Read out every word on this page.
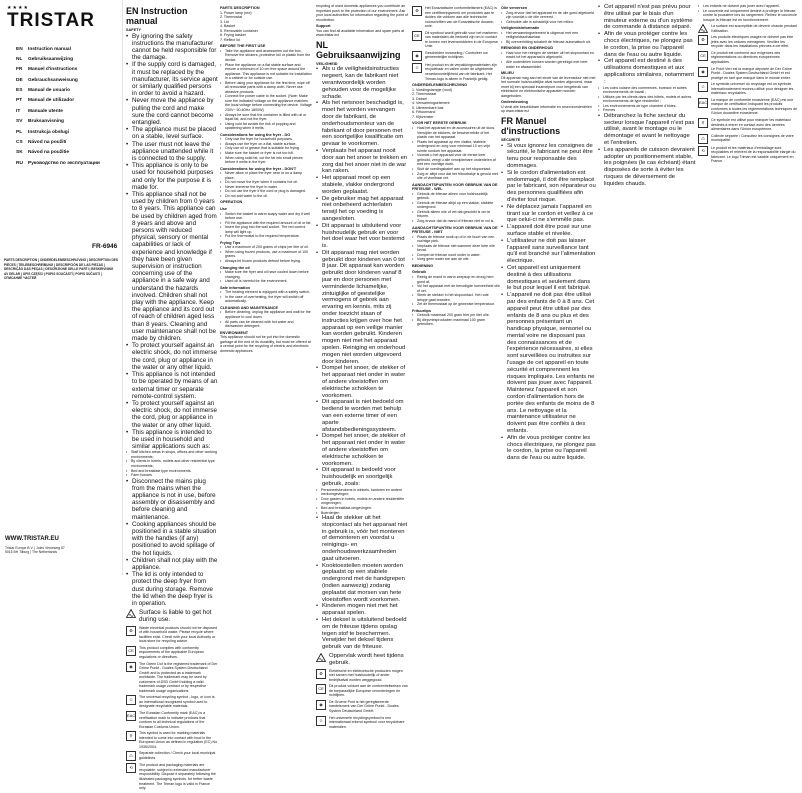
★★★★
TRISTAR
EN	Instruction manual
NL	Gebruiksaanwijzing
FR	Manuel d'instructions
DE	Gebrauchsanweisung
ES	Manual de usuario
PT	Manual de utilizador
IT	Manuale utente
SV	Bruksanvisning
PL	Instrukcja obsługi
CS	Návod na použití
SK	Návod na použitie
RU	Руководство по эксплуатации
FR-6946
PARTS DESCRIPTION | ONDERDELENBESCHRIJVING | DESCRIPTION DES PIÈCES | TEILEBESCHREIBUNG | DESCRIPCIÓN DE LAS PIEZAS | DESCRIÇÃO DAS PEÇAS | DESCRIZIONE DELLE PARTI | BESKRIVNING AV DELAR | OPIS CZĘŚCI | POPIS SOUČÁSTÍ | POPIS SÚČASTÍ | ОПИСАНИЕ ЧАСТЕЙ
WWW.TRISTAR.EU
Tristar Europe B.V. | Jules Verneweg 87
5015 BH Tilburg | The Netherlands
EN Instruction manual
SAFETY
• By ignoring the safety instructions the manufacturer cannot be held responsible for the damage.
• If the supply cord is damaged, it must be replaced by the manufacturer, its service agent or similarly qualified persons in order to avoid a hazard.
• Never move the appliance by pulling the cord and make sure the cord cannot become entangled.
• The appliance must be placed on a stable, level surface.
• The user must not leave the appliance unattended while it is connected to the supply.
• This appliance is only to be used for household purposes and only for the purpose it is made for.
• This appliance shall not be used by children from 0 years to 8 years. This appliance can be used by children aged from 8 years and above and persons with reduced physical, sensory or mental capabilities or lack of experience and knowledge if they have been given supervision or instruction concerning use of the appliance in a safe way and understand the hazards involved. Children shall not play with the appliance. Keep the appliance and its cord out of reach of children aged less than 8 years. Cleaning and user maintenance shall not be made by children.
• To protect yourself against an electric shock, do not immerse the cord, plug or appliance in the water or any other liquid.
• This appliance is not intended to be operated by means of an external timer or separate remote-control system.
• To protect yourself against an electric shock, do not immerse the cord, plug or appliance in the water or any other liquid.
• This appliance is intended to be used in household and similar applications such as:
•	Staff kitchen areas in shops, offices and other working environments;
•	By clients in hotels, motels and other residential type environments;
•	Bed and breakfast type environments.
•	Farm houses
• Disconnect the mains plug from the mains when the appliance is not in use, before assembly or disassembly and before cleaning and maintenance.
• Cooking appliances should be positioned in a stable situation with the handles (if any) positioned to avoid spillage of the hot liquids.
• Children shall not play with the appliance.
• The lid is only intended to protect the deep fryer from dust during storage. Remove the lid when the deep fryer is in operation.
Surface is liable to get hot during use.
♻	Waste electrical products should not be disposed of with household waste. Please recycle where facilities exist. Check with your local Authority or local store for recycling advice.
CE	This product complies with conformity requirements of the applicable European regulations or directives.
◉	The Green Dot is the registered trademark of Der Grüne Punkt - Duales System Deutschland GmbH and is protected as a trademark worldwide. The trademark may be used by customers of DSD GmbH holding a valid trademark usage contract or by respective trademark usage organizations.
♲	The universal recycling symbol - logo, or icon is an international recognized symbol used to designate recyclable materials.
EAC The Eurasian Conformity mark (EAC) is a certification mark to indicate products that conform to all technical regulations of the Eurasian Customs Union.
⚲	This symbol is used for marking materials intended to come into contact with food in the European Union as defined in regulation (EC) No 1935/2004.
♺	Separate collection / Check your local municipal guidelines.
⟲	The product and packaging materials are recyclable, subject to extended manufacturer responsibility. Dispose it separately following the illustrated packaging symbols, for better waste treatment. The Triman logo is valid in France only.
PARTS DESCRIPTION
1. Power lamp (red)
2. Thermostat
3. Lid
4. Basket
5. Removable container
6. Frying basket
7. Reflect lid
BEFORE THE FIRST USE
•	Take the appliance and accessories out the box. Remove the stickers, protective foil or plastic from the device.
•	Place the appliance on a flat stable surface and ensure a minimum of 10 cm free space around the appliance. This appliance is not suitable for installation in a cabinet or for outside use.
•	Before using your appliance for the first time, wipe off all removable parts with a damp cloth. Never use abrasive products.
•	Connect the power cable to the socket. (Note: Make sure the indicated voltage on the appliance matches the local voltage before connecting the device. Voltage 230V~ 50-60Hz 1800W)
•	Always be sure that the container is filled with oil or liquid fat, and not the fryer.
•	Using cold fat avoids the risk of popping and splattering when it melts.
Considerations for using the fryer - DO
•	Only use the fryer for household purposes.
•	Always use the fryer on a flat, stable surface.
•	Only use oil or grease that is suitable for frying.
•	Make sure the basket or fryer is not too full.
•	When using solid fat, cut the fat into small pieces before it melts in the fryer.
Considerations for using the fryer - DON'T
•	Never allow or place the fryer near or on a damp place.
•	Do not move the fryer when it contains hot oil.
•	Never immerse the fryer in water.
•	Do not use the fryer if the cord or plug is damaged.
•	Do not add water to the oil.
OPERATION
Use
•	Switch the basket in warm soapy water and dry it well before use.
•	Fill the appliance with the required amount of oil or fat.
•	Insert the plug into the wall socket. The red control lamp will light up.
•	Put the thermostat to the required temperature.
Frying Tips
•	Use a maximum of 200 grams of chips per litre of oil.
•	When using frozen products, use a maximum of 100 grams.
•	Always let frozen products defrost before frying.
Changing the oil
•	Make sure the fryer and oil have cooled down before changing.
•	Used oil is harmful for the environment.
Safe information
•	The heating element is equipped with a safety switch.
•	In the case of overheating, the fryer will switch off automatically.
CLEANING AND MAINTENANCE
•	Before cleaning, unplug the appliance and wait for the appliance to cool down.
•	All parts can be cleaned with hot water and dishwasher detergent.
ENVIRONMENT
This appliance should not be put into the domestic garbage at the end of its durability, but must be offered at a central point for the recycling of electric and electronic domestic appliances.
recycling of used domestic appliances you contribute an important push to the protection of our environment. Ask your local authorities for information regarding the point of recollection.
Support
You can find all available information and spare parts at www.tristar.eu!
NL Gebruiksaanwijzing
VEILIGHEID
• Als u de veiligheidsinstructies negeert, kan de fabrikant niet verantwoordelijk worden gehouden voor de mogelijke schade.
• Als het netsnoer beschadigd is, moet het worden vervangen door de fabrikant, de onderhoudsmonteur van de fabrikant of door personen met een soortgelijke kwalificatie om gevaar te voorkomen.
• Verplaats het apparaat nooit door aan het snoer te trekken en zorg dat het snoer niet in de war kan raken.
• Het apparaat moet op een stabiele, vlakke ondergrond worden geplaatst.
• De gebruiker mag het apparaat niet onbeheerd achterlaten terwijl het op voeding is aangesloten.
• Dit apparaat is uitsluitend voor huishoudelijk gebruik en voor het doel waar het voor bestemd is.
• Dit apparaat mag niet worden gebruikt door kinderen van 0 tot 8 jaar. Dit apparaat kan worden gebruikt door kinderen vanaf 8 jaar en door personen met verminderde lichamelijke, zintuiglijke of geestelijke vermogens of gebrek aan ervaring en kennis, mits zij onder toezicht staan of instructies krijgen over hoe het apparaat op een veilige manier kan worden gebruikt. Kinderen mogen niet met het apparaat spelen. Reiniging en onderhoud mogen niet worden uitgevoerd door kinderen.
• Dompel het snoer, de stekker of het apparaat niet onder in water of andere vloeistoffen om elektrische schokken te voorkomen.
• Dit apparaat is niet bedoeld om bediend te worden met behulp van een externe timer of een aparte afstandsbedieningssysteem.
• Dompel het snoer, de stekker of het apparaat niet onder in water of andere vloeistoffen om elektrische schokken te voorkomen.
• Dit apparaat is bedoeld voor huishoudelijk en soortgelijk gebruik, zoals:
•	Personeelskeukens in winkels, kantoren en andere werkomgevingen;
•	Door gasten in hotels, motels en andere residentiële omgevingen;
•	Bed and breakfast-omgevingen.
•	Boerderijen
• Haal de stekker uit het stopcontact als het apparaat niet in gebruik is, vóór het monteren of demonteren en voordat u reinigings- en onderhoudswerkzaamheden gaat uitvoeren.
• Kooktoestellen moeten worden geplaatst op een stabiele ondergrond met de handgrepen (indien aanwezig) zodanig geplaatst dat morsen van hete vloeistoffen wordt voorkomen.
• Kinderen mogen niet met het apparaat spelen.
• Het deksel is uitsluitend bedoeld om de friteuse tijdens opslag tegen stof te beschermen. Verwijder het deksel tijdens gebruik van de friteuse.
Oppervlak wordt heet tijdens gebruik.
♻	Elektrische en elektronische producten mogen niet samen met huishoudelijk of ander bedrijfsafval worden weggegooid.
CE	Dit product voldoet aan de conformiteitseisen van de toepasselijke Europese verordeningen en richtlijnen.
◉	De Groene Punt is het geregistreerde handelsmerk van Der Grüne Punkt - Duales System Deutschland GmbH.
♲	Het universele recyclingsymbool is een internationaal erkend symbool voor recyclebare materialen.
♻	Het Euraziatische conformiteitsmerk (EAC) is een certificeringsmerk om producten aan te duiden die voldoen aan alle technische voorschriften van de Euraziatische douane-unie.
CE	Dit symbool wordt gebruikt voor het markeren van materialen die bedoeld zijn om in contact te komen met levensmiddelen in de Europese Unie.
◉	Gescheiden inzameling / Controleer uw gemeentelijke richtlijnen.
♲	Het product en de verpakkingsmaterialen zijn recyclebaar en vallen onder de uitgebreide verantwoordelijkheid van de fabrikant. Het Triman-logo is alleen in Frankrijk geldig.
ONDERDELENBESCHRIJVING
1. Voedingslampje (rood)
2. Thermostaat
3. Deksel
4. Verwarmingselement
5. Uitneembare bak
6. Frituurmand
7. Kijkvenster
VOOR HET EERSTE GEBRUIK
•	Haal het apparaat en de accessoires uit de doos. Verwijder de stickers, de beschermfolie of het plastic van het apparaat.
•	Plaats het apparaat op een vlakke, stabiele ondergrond en zorg voor minimaal 10 cm vrije ruimte rondom het apparaat.
•	Voordat u het apparaat voor de eerste keer gebruikt, veegt u alle verwijderbare onderdelen af met een vochtige doek.
•	Sluit de voedingskabel aan op het stopcontact.
•	Zorg er altijd voor dat het frituurbakje is gevuld met olie of vloeibaar vet.
AANDACHTSPUNTEN VOOR GEBRUIK VAN DE FRITEUSE - WEL
•	Gebruik de friteuse alleen voor huishoudelijk gebruik.
•	Gebruik de friteuse altijd op een vlakke, stabiele ondergrond.
•	Gebruik alleen olie of vet dat geschikt is om te frituren.
•	Zorg ervoor dat de mand of friteuse niet te vol is.
AANDACHTSPUNTEN VOOR GEBRUIK VAN DE FRITEUSE - NIET
•	Plaats de friteuse nooit op of in de buurt van een vochtige plek.
•	Verplaats de friteuse niet wanneer deze hete olie bevat.
•	Dompel de friteuse nooit onder in water.
•	Voeg geen water toe aan de olie.
BEDIENING
Gebruik
•	Reinig de mand in warm zeepsop en droog hem goed af.
•	Vul het apparaat met de benodigde hoeveelheid olie of vet.
•	Steek de stekker in het stopcontact. Het rode lampje gaat branden.
•	Zet de thermostaat op de gewenste temperatuur.
Frituurtips
•	Gebruik maximaal 200 gram friet per liter olie.
•	Bij diepvriesproducten maximaal 100 gram gebruiken.
Olie verversen
•	Zorg ervoor dat het apparaat en de olie goed afgekoeld zijn voordat u de olie ververst.
•	Gebruikte olie is schadelijk voor het milieu.
Veiligheidsinformatie
•	Het verwarmingselement is uitgerust met een veiligheidsschakelaar.
•	Bij oververhitting schakelt de friteuse automatisch uit.
REINIGING EN ONDERHOUD
•	Haal voor het reinigen de stekker uit het stopcontact en wacht tot het apparaat is afgekoeld.
•	Alle onderdelen kunnen worden gereinigd met heet water en afwasmiddel.
MILIEU
Dit apparaat mag aan het einde van de levensduur niet met het normale huishoudelijke afval worden afgevoerd, maar moet bij een speciaal inzamelpunt voor hergebruik van elektrische en elektronische apparaten worden aangeboden.
Ondersteuning
U vindt alle beschikbare informatie en reserveonderdelen op www.tristar.eu!
FR Manuel d'instructions
SÉCURITÉ
• Si vous ignorez les consignes de sécurité, le fabricant ne peut être tenu pour responsable des dommages.
• Si le cordon d'alimentation est endommagé, il doit être remplacé par le fabricant, son réparateur ou des personnes qualifiées afin d'éviter tout risque.
• Ne déplacez jamais l'appareil en tirant sur le cordon et veillez à ce que celui-ci ne s'emmêle pas.
• L'appareil doit être posé sur une surface stable et nivelée.
• L'utilisateur ne doit pas laisser l'appareil sans surveillance tant qu'il est branché sur l'alimentation électrique.
• Cet appareil est uniquement destiné à des utilisations domestiques et seulement dans le but pour lequel il est fabriqué.
• L'appareil ne doit pas être utilisé par des enfants de 0 à 8 ans. Cet appareil peut être utilisé par des enfants de 8 ans ou plus et des personnes présentant un handicap physique, sensoriel ou mental voire ne disposant pas des connaissances et de l'expérience nécessaires, si elles sont surveillées ou instruites sur l'usage de cet appareil en toute sécurité et comprennent les risques impliqués. Les enfants ne doivent pas jouer avec l'appareil. Maintenez l'appareil et son cordon d'alimentation hors de portée des enfants de moins de 8 ans. Le nettoyage et la maintenance utilisateur ne doivent pas être confiés à des enfants.
• Afin de vous protéger contre les chocs électriques, ne plongez pas le cordon, la prise ou l'appareil dans de l'eau ou autre liquide.
• Cet appareil n'est pas prévu pour être utilisé par le biais d'un minuteur externe ou d'un système de commande à distance séparé.
• Afin de vous protéger contre les chocs électriques, ne plongez pas le cordon, la prise ou l'appareil dans de l'eau ou autre liquide.
• Cet appareil est destiné à des utilisations domestiques et aux applications similaires, notamment :
•	Les coins cuisine des commerces, bureaux et autres environnements de travail ;
•	Utilisés par les clients dans des hôtels, motels et autres environnements de type résidentiel ;
•	Les environnements de type chambre d'hôtes.
•	Fermes
• Débranchez la fiche secteur du secteur lorsque l'appareil n'est pas utilisé, avant le montage ou le démontage et avant le nettoyage et l'entretien.
• Les appareils de cuisson devraient adopter un positionnement stable, les poignées (le cas échéant) étant disposées de sorte à éviter les risques de déversement de liquides chauds.
•	Les enfants ne doivent pas jouer avec l'appareil.
•	Le couvercle est uniquement destiné à protéger la friteuse contre la poussière lors du rangement. Retirez le couvercle lorsque la friteuse est en fonctionnement.
La surface est susceptible de devenir chaude pendant l'utilisation.
♻	Les produits électriques usagés ne doivent pas être jetés avec les ordures ménagères. Veuillez les recycler dans les installations prévues à cet effet.
CE	Ce produit est conforme aux exigences des réglementations ou directives européennes applicables.
◉	Le Point Vert est la marque déposée de Der Grüne Punkt - Duales System Deutschland GmbH et est protégé en tant que marque dans le monde entier.
♲	Le symbole universel du recyclage est un symbole internationalement reconnu utilisé pour désigner les matériaux recyclables.
EAC La marque de conformité eurasienne (EAC) est une marque de certification indiquant les produits conformes à toutes les réglementations techniques de l'Union douanière eurasienne.
⚲	Ce symbole est utilisé pour marquer les matériaux destinés à entrer en contact avec des denrées alimentaires dans l'Union européenne.
♺	Collecte séparée / Consultez les consignes de votre municipalité.
⟲	Le produit et les matériaux d'emballage sont recyclables et relèvent de la responsabilité élargie du fabricant. Le logo Triman est valable uniquement en France.
